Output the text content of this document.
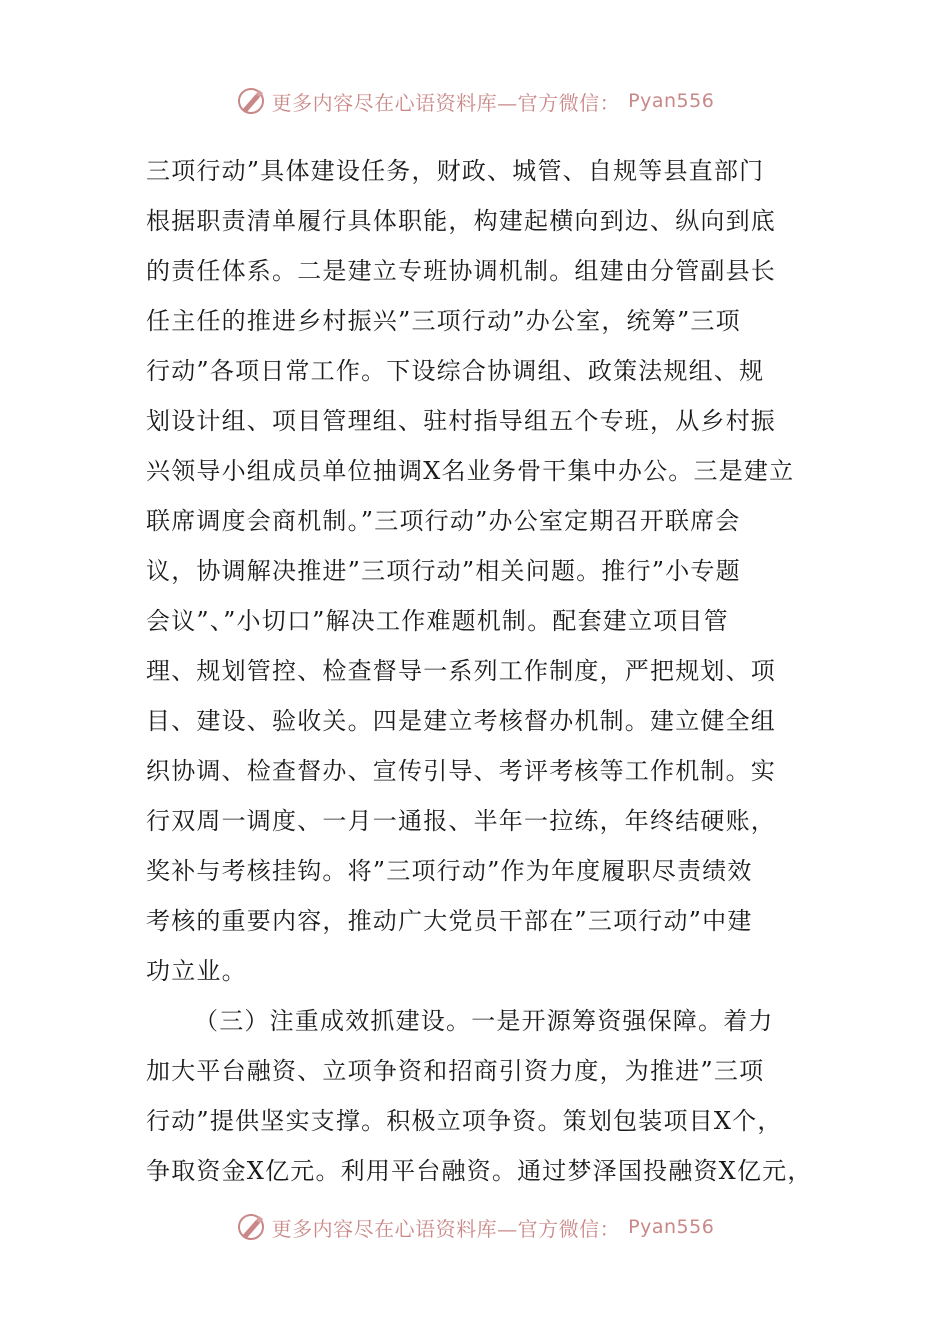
更多内容尽在心语资料库—官方微信： Pyan556
三项行动”具体建设任务，财政、城管、自规等县直部门
根据职责清单履行具体职能，构建起横向到边、纵向到底
的责任体系。二是建立专班协调机制。组建由分管副县长
任主任的推进乡村振兴”三项行动”办公室，统筹”三项
行动”各项日常工作。下设综合协调组、政策法规组、规
划设计组、项目管理组、驻村指导组五个专班，从乡村振
兴领导小组成员单位抽调X名业务骨干集中办公。三是建立
联席调度会商机制。”三项行动”办公室定期召开联席会
议，协调解决推进”三项行动”相关问题。推行”小专题
会议”、”小切口”解决工作难题机制。配套建立项目管
理、规划管控、检查督导一系列工作制度，严把规划、项
目、建设、验收关。四是建立考核督办机制。建立健全组
织协调、检查督办、宣传引导、考评考核等工作机制。实
行双周一调度、一月一通报、半年一拉练，年终结硬账，
奖补与考核挂钩。将”三项行动”作为年度履职尽责绩效
考核的重要内容，推动广大党员干部在”三项行动”中建
功立业。
（三）注重成效抓建设。一是开源筹资强保障。着力
加大平台融资、立项争资和招商引资力度，为推进”三项
行动”提供坚实支撑。积极立项争资。策划包装项目X个，
争取资金X亿元。利用平台融资。通过梦泽国投融资X亿元，
更多内容尽在心语资料库—官方微信： Pyan556
